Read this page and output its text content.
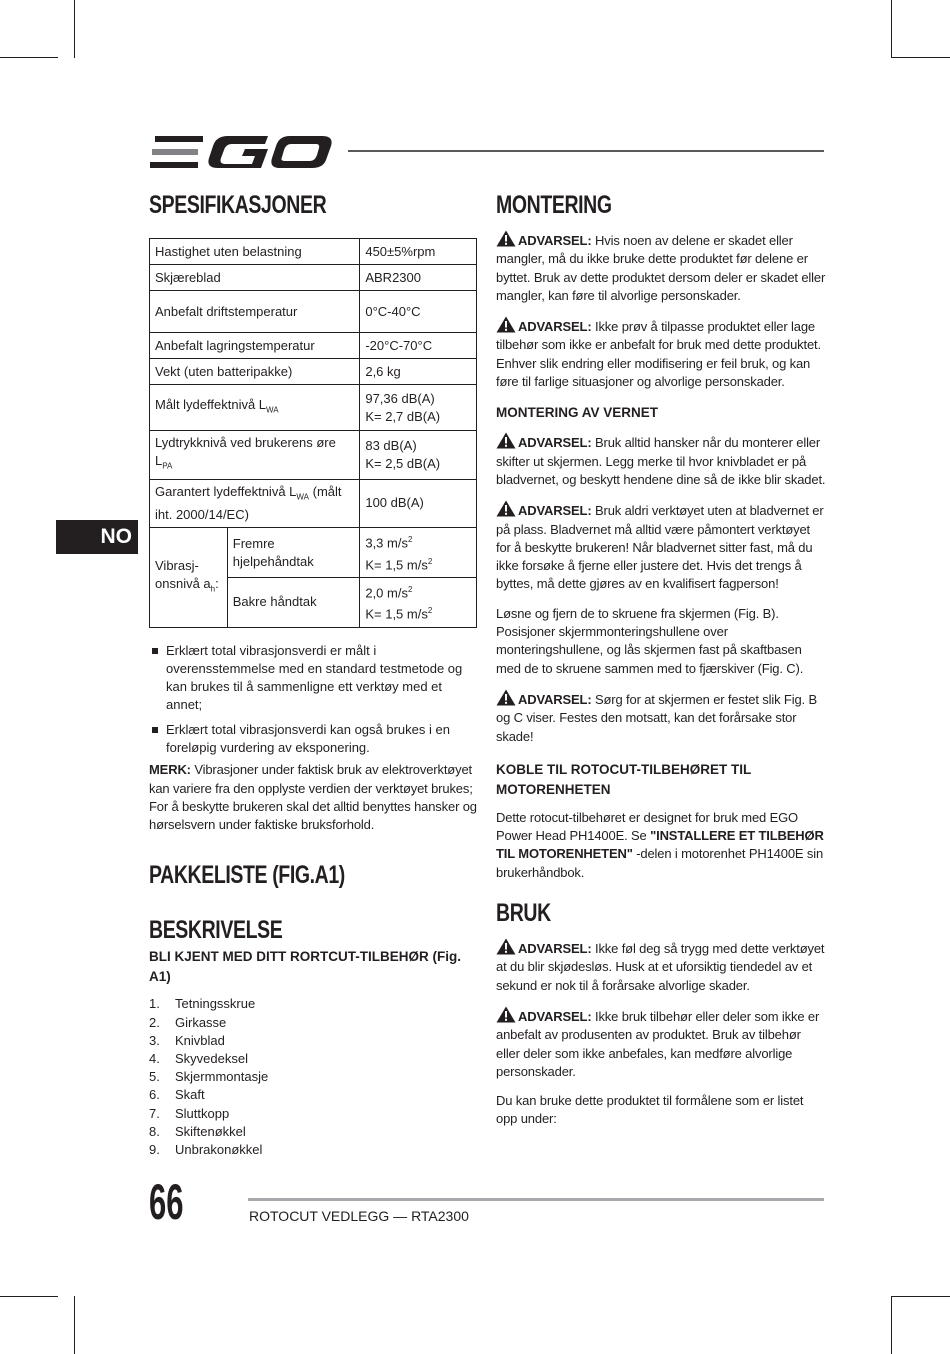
NO
SPESIFIKASJONER
Hastighet uten belastning		450±5%rpm
Skjæreblad		ABR2300
Anbefalt driftstemperatur		0°C-40°C
Anbefalt lagringstemperatur		-20°C-70°C
Vekt (uten batteripakke)		2,6 kg
Målt lydeffektnivå $L_{WA}$		97,36 dB(A)
K= 2,7 dB(A)
Lydtrykknivå ved brukerens øre $L_{PA}$		83 dB(A)
K= 2,5 dB(A)
Garantert lydeffektnivå $L_{WA}$ (målt iht. 2000/14/EC)		100 dB(A)
Vibrasj-onsnivå $a_h$:	Fremre hjelpehåndtak	3,3 $m/s^2$
K= 1,5 $m/s^2$
	Bakre håndtak	2,0 $m/s^2$
K= 1,5 $m/s^2$
Erklært total vibrasjonsverdi er målt i overensstemmelse med en standard testmetode og kan brukes til å sammenligne ett verktøy med et annet;
Erklært total vibrasjonsverdi kan også brukes i en foreløpig vurdering av eksponering.

MERK: Vibrasjoner under faktisk bruk av elektroverktøyet kan variere fra den opplyste verdien der verktøyet brukes; For å beskytte brukeren skal det alltid benyttes hansker og hørselsvern under faktiske bruksforhold.

PAKKELISTE (FIG.A1)
BESKRIVELSE
BLI KJENT MED DITT RORTCUT-TILBEHØR (Fig. A1)
1. Tetningsskrue
2. Girkasse
3. Knivblad
4. Skyvedeksel
5. Skjermmontasje
6. Skaft
7. Sluttkopp
8. Skiftenøkkel
9. Unbrakonøkkel
MONTERING

ADVARSEL: Hvis noen av delene er skadet eller mangler, må du ikke bruke dette produktet før delene er byttet. Bruk av dette produktet dersom deler er skadet eller mangler, kan føre til alvorlige personskader.

ADVARSEL: Ikke prøv å tilpasse produktet eller lage tilbehør som ikke er anbefalt for bruk med dette produktet. Enhver slik endring eller modifisering er feil bruk, og kan føre til farlige situasjoner og alvorlige personskader.

MONTERING AV VERNET

ADVARSEL: Bruk alltid hansker når du monterer eller skifter ut skjermen. Legg merke til hvor knivbladet er på bladvernet, og beskytt hendene dine så de ikke blir skadet.

ADVARSEL: Bruk aldri verktøyet uten at bladvernet er på plass. Bladvernet må alltid være påmontert verktøyet for å beskytte brukeren! Når bladvernet sitter fast, må du ikke forsøke å fjerne eller justere det. Hvis det trengs å byttes, må dette gjøres av en kvalifisert fagperson!

Løsne og fjern de to skruene fra skjermen (Fig. B). Posisjoner skjermmonteringshullene over monteringshullene, og lås skjermen fast på skaftbasen med de to skruene sammen med to fjærskiver (Fig. C).

ADVARSEL: Sørg for at skjermen er festet slik Fig. B og C viser. Festes den motsatt, kan det forårsake stor skade!

KOBLE TIL ROTOCUT-TILBEHØRET TIL MOTORENHETEN

Dette rotocut-tilbehøret er designet for bruk med EGO Power Head PH1400E. Se "INSTALLERE ET TILBEHØR TIL MOTORENHETEN" -delen i motorenhet PH1400E sin brukerhåndbok.

BRUK

ADVARSEL: Ikke føl deg så trygg med dette verktøyet at du blir skjødesløs. Husk at et uforsiktig tiendedel av et sekund er nok til å forårsake alvorlige skader.

ADVARSEL: Ikke bruk tilbehør eller deler som ikke er anbefalt av produsenten av produktet. Bruk av tilbehør eller deler som ikke anbefales, kan medføre alvorlige personskader.

Du kan bruke dette produktet til formålene som er listet opp under:

66	ROTOCUT VEDLEGG — RTA2300
